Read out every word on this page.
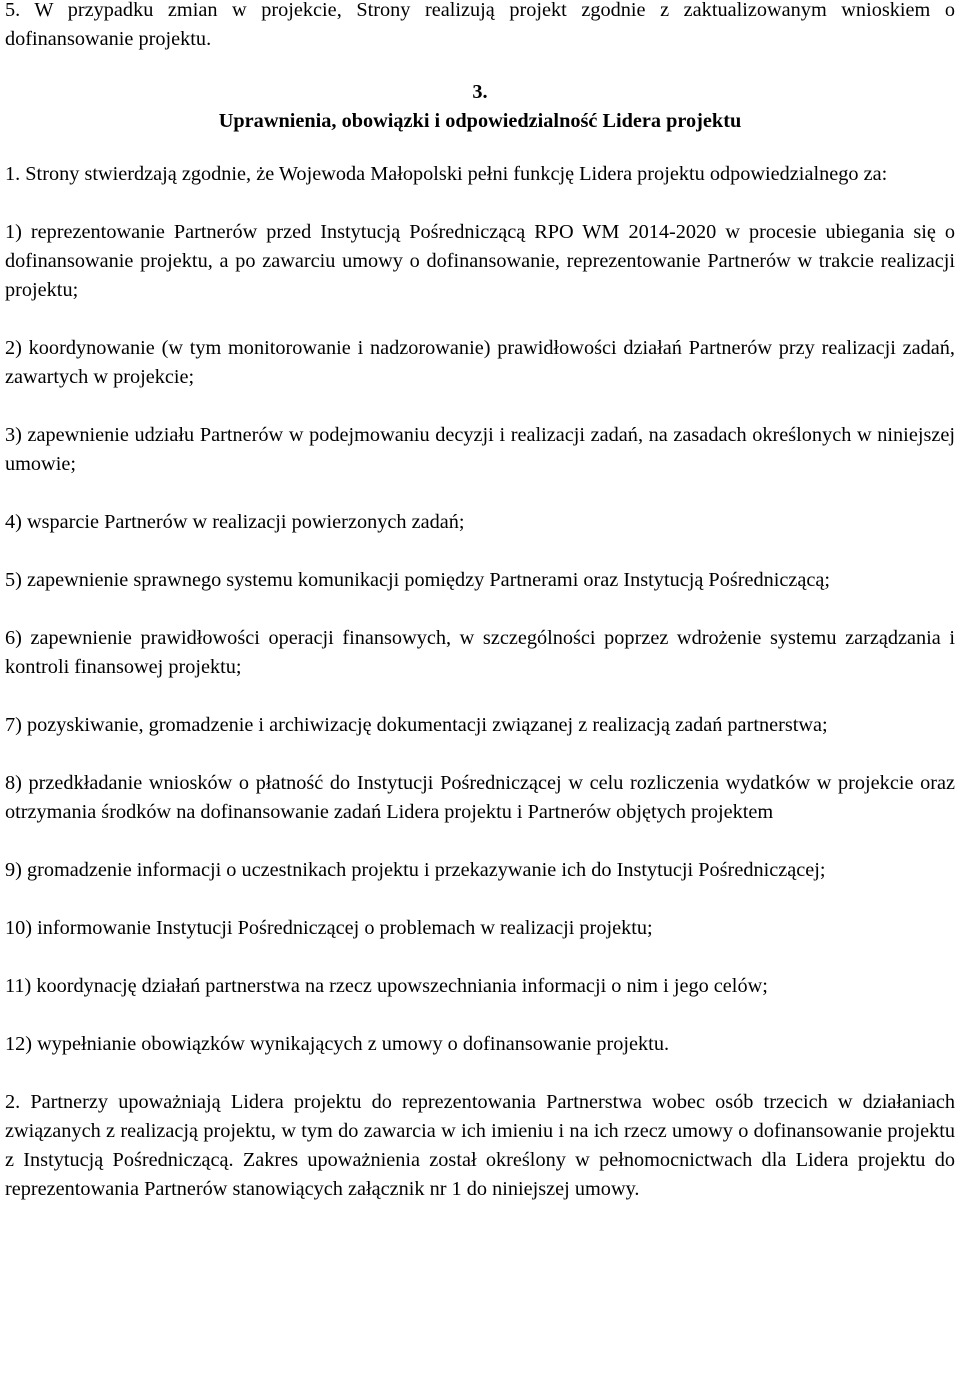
5. W przypadku zmian w projekcie, Strony realizują projekt zgodnie z zaktualizowanym wnioskiem o dofinansowanie projektu.

3.

Uprawnienia, obowiązki i odpowiedzialność Lidera projektu

1. Strony stwierdzają zgodnie, że Wojewoda Małopolski pełni funkcję Lidera projektu odpowiedzialnego za:

1) reprezentowanie Partnerów przed Instytucją Pośredniczącą RPO WM 2014-2020 w procesie ubiegania się o dofinansowanie projektu, a po zawarciu umowy o dofinansowanie, reprezentowanie Partnerów w trakcie realizacji projektu;

2) koordynowanie (w tym monitorowanie i nadzorowanie) prawidłowości działań Partnerów przy realizacji zadań, zawartych w projekcie;

3) zapewnienie udziału Partnerów w podejmowaniu decyzji i realizacji zadań, na zasadach określonych w niniejszej umowie;

4) wsparcie Partnerów w realizacji powierzonych zadań;

5) zapewnienie sprawnego systemu komunikacji pomiędzy Partnerami oraz Instytucją Pośredniczącą;

6) zapewnienie prawidłowości operacji finansowych, w szczególności poprzez wdrożenie systemu zarządzania i kontroli finansowej projektu;

7) pozyskiwanie, gromadzenie i archiwizację dokumentacji związanej z realizacją zadań partnerstwa;

8) przedkładanie wniosków o płatność do Instytucji Pośredniczącej w celu rozliczenia wydatków w projekcie oraz otrzymania środków na dofinansowanie zadań Lidera projektu i Partnerów objętych projektem

9) gromadzenie informacji o uczestnikach projektu i przekazywanie ich do Instytucji Pośredniczącej;

10) informowanie Instytucji Pośredniczącej o problemach w realizacji projektu;

11) koordynację działań partnerstwa na rzecz upowszechniania informacji o nim i jego celów;

12) wypełnianie obowiązków wynikających z umowy o dofinansowanie projektu.

2. Partnerzy upoważniają Lidera projektu do reprezentowania Partnerstwa wobec osób trzecich w działaniach związanych z realizacją projektu, w tym do zawarcia w ich imieniu i na ich rzecz umowy o dofinansowanie projektu z Instytucją Pośredniczącą. Zakres upoważnienia został określony w pełnomocnictwach dla Lidera projektu do reprezentowania Partnerów stanowiących załącznik nr 1 do niniejszej umowy.
